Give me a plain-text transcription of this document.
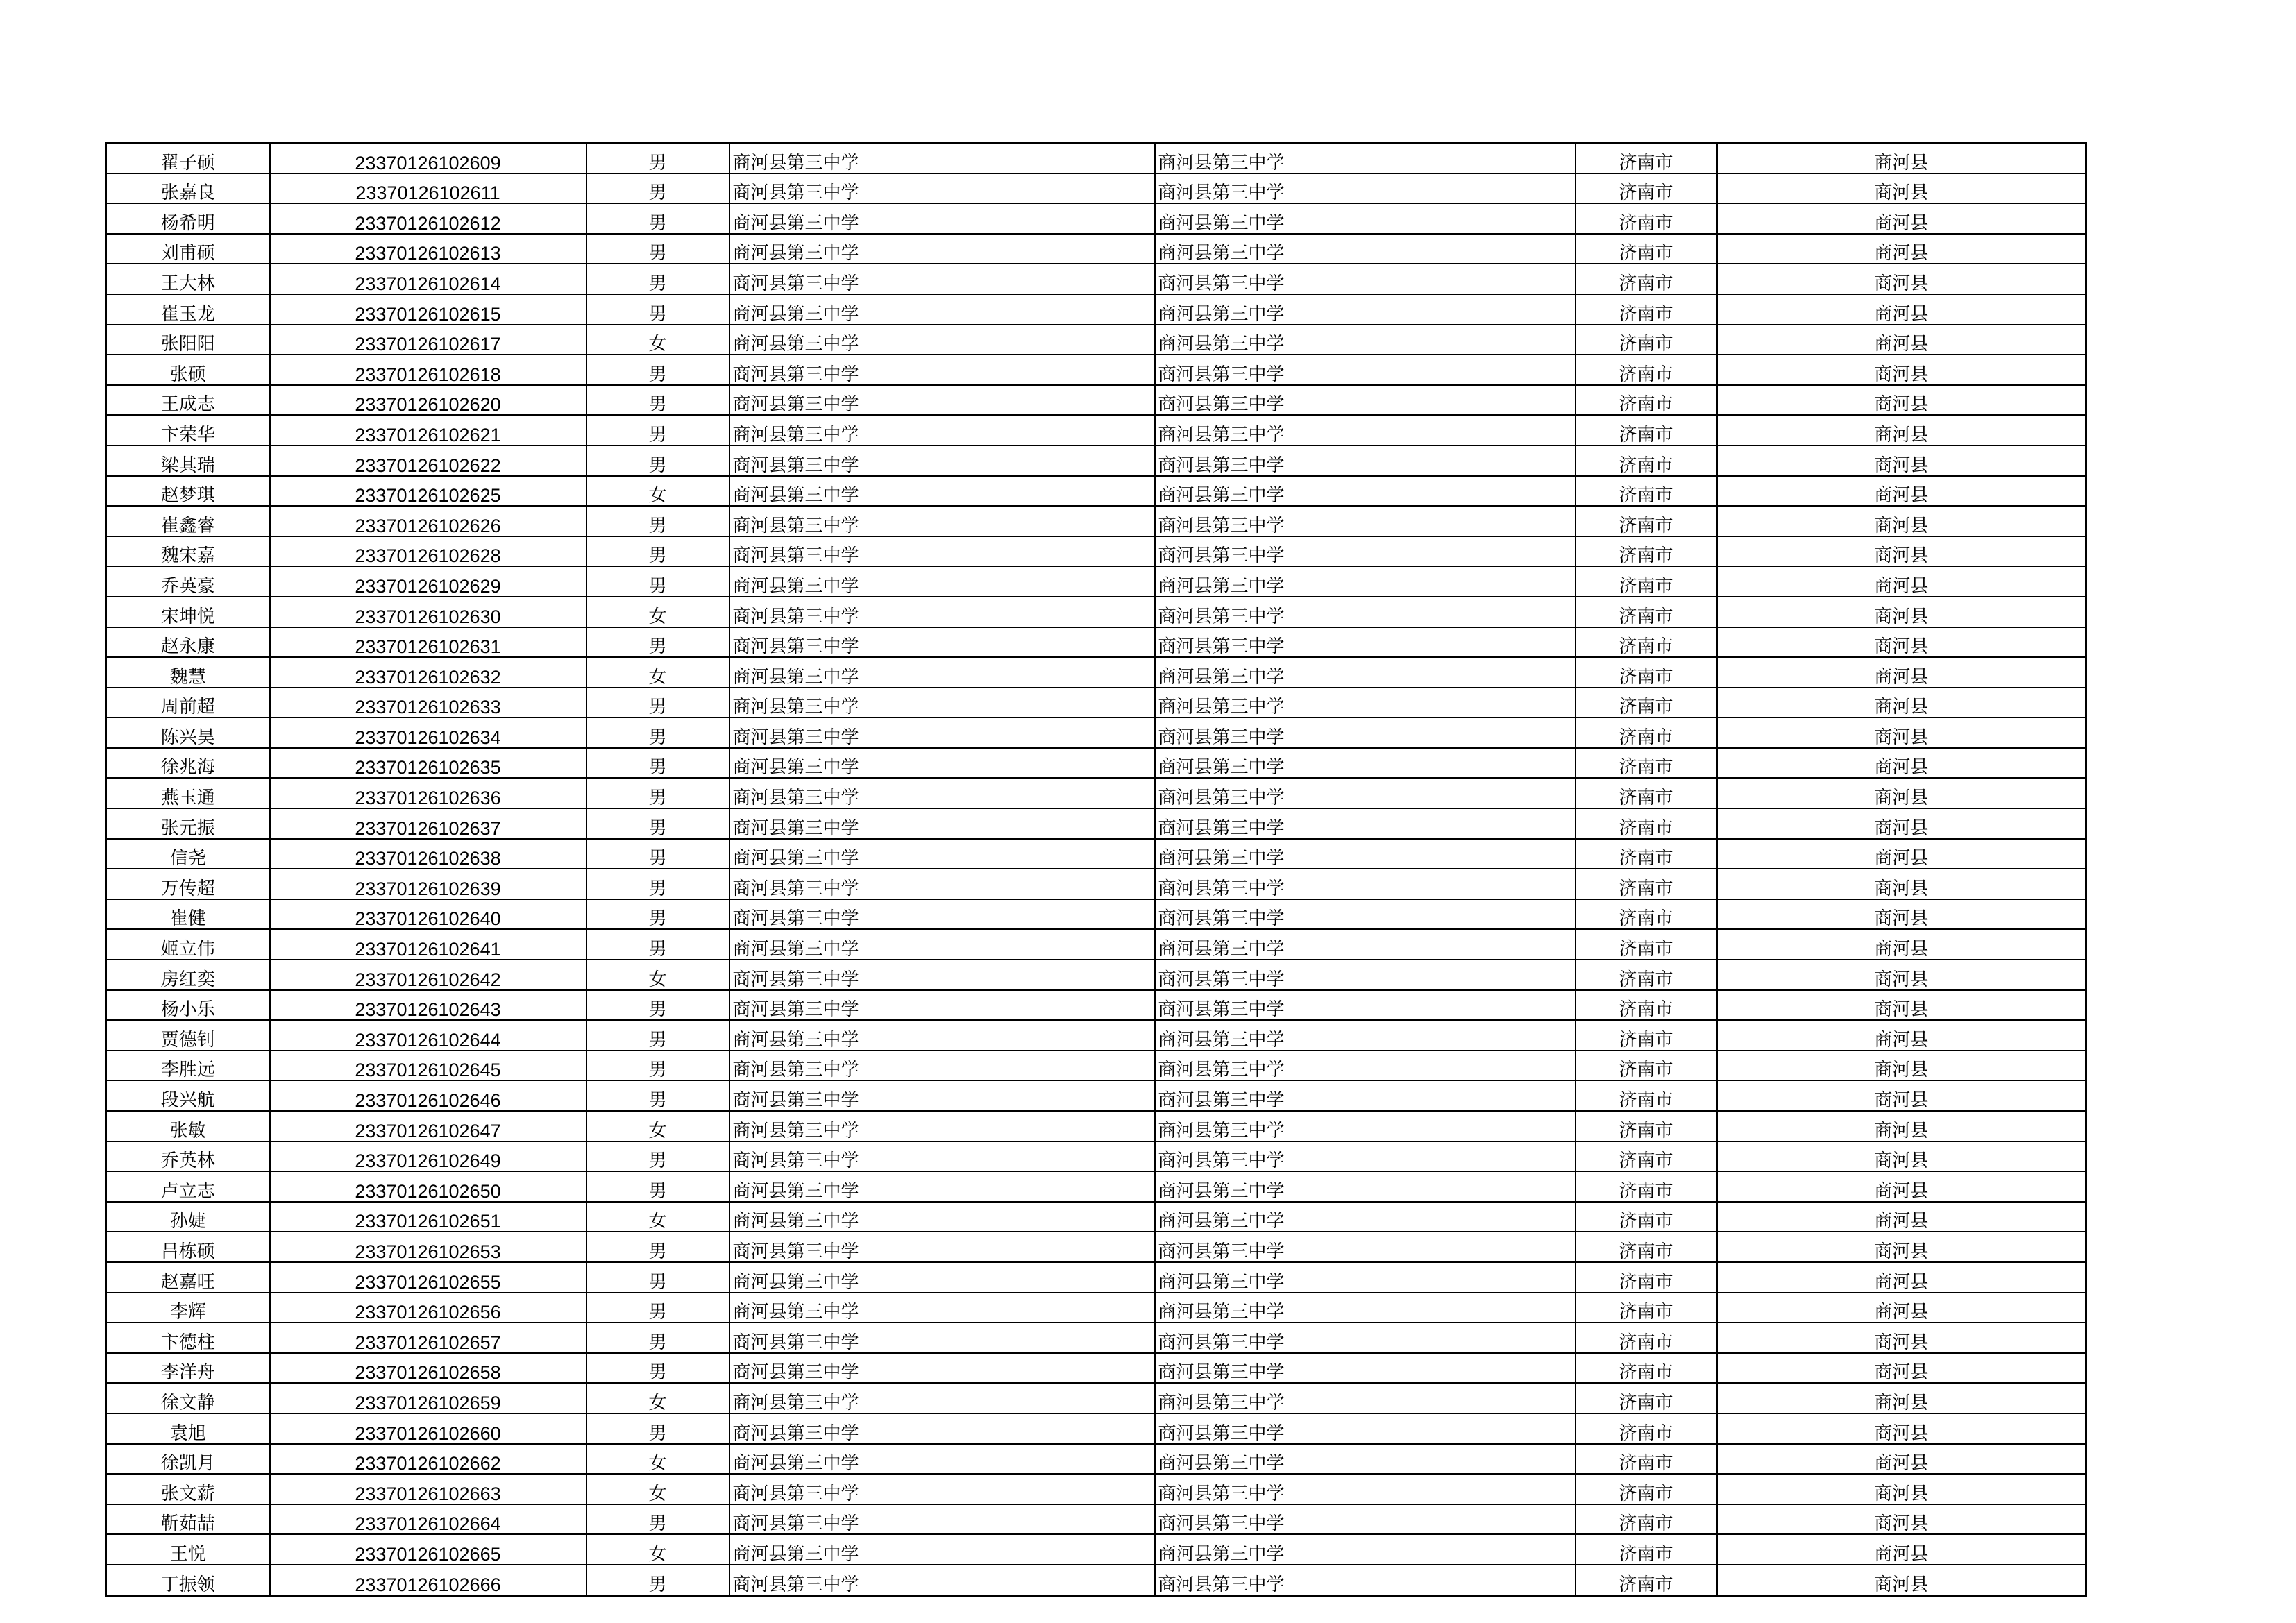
翟子硕	23370126102609	男	商河县第三中学	商河县第三中学	济南市	商河县
张嘉良	23370126102611	男	商河县第三中学	商河县第三中学	济南市	商河县
杨希明	23370126102612	男	商河县第三中学	商河县第三中学	济南市	商河县
刘甫硕	23370126102613	男	商河县第三中学	商河县第三中学	济南市	商河县
王大林	23370126102614	男	商河县第三中学	商河县第三中学	济南市	商河县
崔玉龙	23370126102615	男	商河县第三中学	商河县第三中学	济南市	商河县
张阳阳	23370126102617	女	商河县第三中学	商河县第三中学	济南市	商河县
张硕	23370126102618	男	商河县第三中学	商河县第三中学	济南市	商河县
王成志	23370126102620	男	商河县第三中学	商河县第三中学	济南市	商河县
卞荣华	23370126102621	男	商河县第三中学	商河县第三中学	济南市	商河县
梁其瑞	23370126102622	男	商河县第三中学	商河县第三中学	济南市	商河县
赵梦琪	23370126102625	女	商河县第三中学	商河县第三中学	济南市	商河县
崔鑫睿	23370126102626	男	商河县第三中学	商河县第三中学	济南市	商河县
魏宋嘉	23370126102628	男	商河县第三中学	商河县第三中学	济南市	商河县
乔英豪	23370126102629	男	商河县第三中学	商河县第三中学	济南市	商河县
宋坤悦	23370126102630	女	商河县第三中学	商河县第三中学	济南市	商河县
赵永康	23370126102631	男	商河县第三中学	商河县第三中学	济南市	商河县
魏慧	23370126102632	女	商河县第三中学	商河县第三中学	济南市	商河县
周前超	23370126102633	男	商河县第三中学	商河县第三中学	济南市	商河县
陈兴昊	23370126102634	男	商河县第三中学	商河县第三中学	济南市	商河县
徐兆海	23370126102635	男	商河县第三中学	商河县第三中学	济南市	商河县
燕玉通	23370126102636	男	商河县第三中学	商河县第三中学	济南市	商河县
张元振	23370126102637	男	商河县第三中学	商河县第三中学	济南市	商河县
信尧	23370126102638	男	商河县第三中学	商河县第三中学	济南市	商河县
万传超	23370126102639	男	商河县第三中学	商河县第三中学	济南市	商河县
崔健	23370126102640	男	商河县第三中学	商河县第三中学	济南市	商河县
姬立伟	23370126102641	男	商河县第三中学	商河县第三中学	济南市	商河县
房红奕	23370126102642	女	商河县第三中学	商河县第三中学	济南市	商河县
杨小乐	23370126102643	男	商河县第三中学	商河县第三中学	济南市	商河县
贾德钊	23370126102644	男	商河县第三中学	商河县第三中学	济南市	商河县
李胜远	23370126102645	男	商河县第三中学	商河县第三中学	济南市	商河县
段兴航	23370126102646	男	商河县第三中学	商河县第三中学	济南市	商河县
张敏	23370126102647	女	商河县第三中学	商河县第三中学	济南市	商河县
乔英林	23370126102649	男	商河县第三中学	商河县第三中学	济南市	商河县
卢立志	23370126102650	男	商河县第三中学	商河县第三中学	济南市	商河县
孙婕	23370126102651	女	商河县第三中学	商河县第三中学	济南市	商河县
吕栋硕	23370126102653	男	商河县第三中学	商河县第三中学	济南市	商河县
赵嘉旺	23370126102655	男	商河县第三中学	商河县第三中学	济南市	商河县
李辉	23370126102656	男	商河县第三中学	商河县第三中学	济南市	商河县
卞德柱	23370126102657	男	商河县第三中学	商河县第三中学	济南市	商河县
李洋舟	23370126102658	男	商河县第三中学	商河县第三中学	济南市	商河县
徐文静	23370126102659	女	商河县第三中学	商河县第三中学	济南市	商河县
袁旭	23370126102660	男	商河县第三中学	商河县第三中学	济南市	商河县
徐凯月	23370126102662	女	商河县第三中学	商河县第三中学	济南市	商河县
张文薪	23370126102663	女	商河县第三中学	商河县第三中学	济南市	商河县
靳茹喆	23370126102664	男	商河县第三中学	商河县第三中学	济南市	商河县
王悦	23370126102665	女	商河县第三中学	商河县第三中学	济南市	商河县
丁振领	23370126102666	男	商河县第三中学	商河县第三中学	济南市	商河县
